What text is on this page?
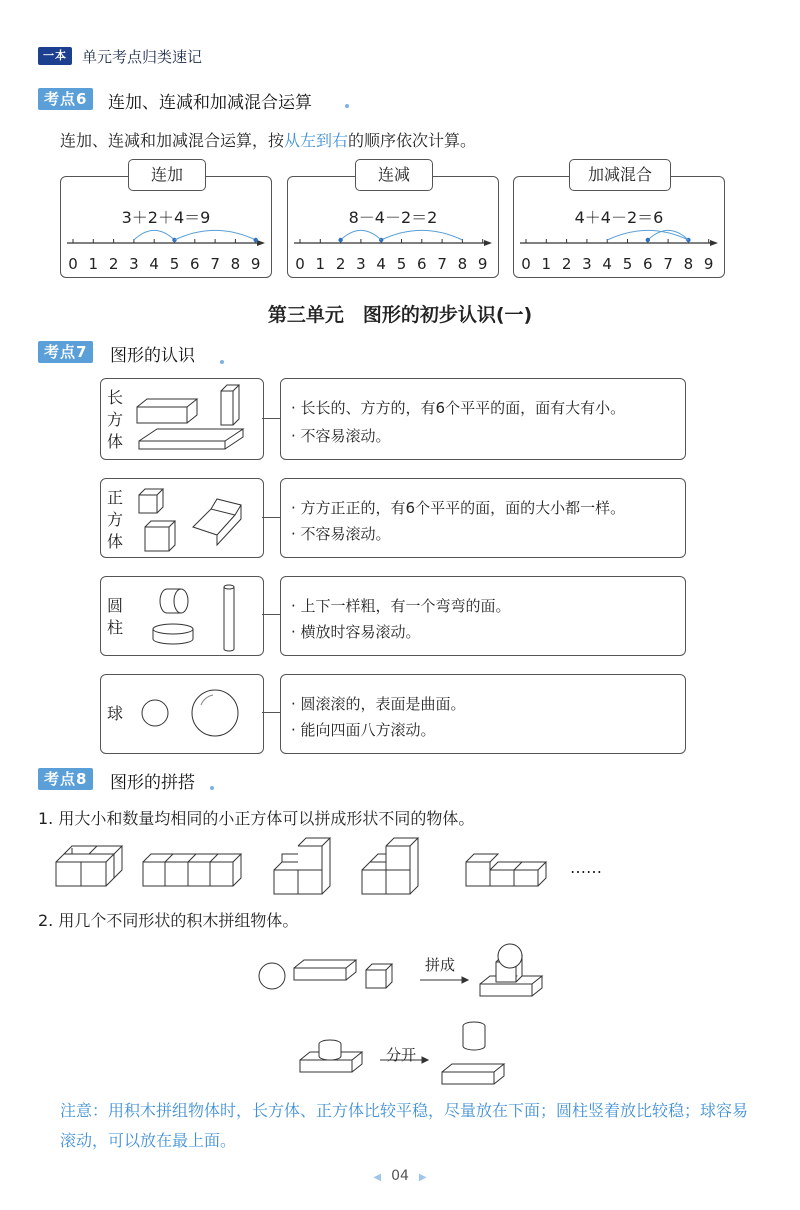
一本	单元考点归类速记
考点6	连加、连减和加减混合运算
连加、连减和加减混合运算，按从左到右的顺序依次计算。
连加
3＋2＋4＝9
0 1 2 3 4 5 6 7 8 9
连减
8－4－2＝2
0 1 2 3 4 5 6 7 8 9
加减混合
4＋4－2＝6
0 1 2 3 4 5 6 7 8 9
第三单元　图形的初步认识(一)
考点7	图形的认识
长方体
· 长长的、方方的，有6个平平的面，面有大有小。
· 不容易滚动。
正方体
· 方方正正的，有6个平平的面，面的大小都一样。
· 不容易滚动。
圆柱
· 上下一样粗，有一个弯弯的面。
· 横放时容易滚动。
球	· 圆滚滚的，表面是曲面。
· 能向四面八方滚动。
考点8	图形的拼搭
1. 用大小和数量均相同的小正方体可以拼成形状不同的物体。
……
2. 用几个不同形状的积木拼组物体。
拼成
分开
注意：用积木拼组物体时，长方体、正方体比较平稳，尽量放在下面；圆柱竖着放比较稳；球容易滚动，可以放在最上面。
◀ 04 ▶
